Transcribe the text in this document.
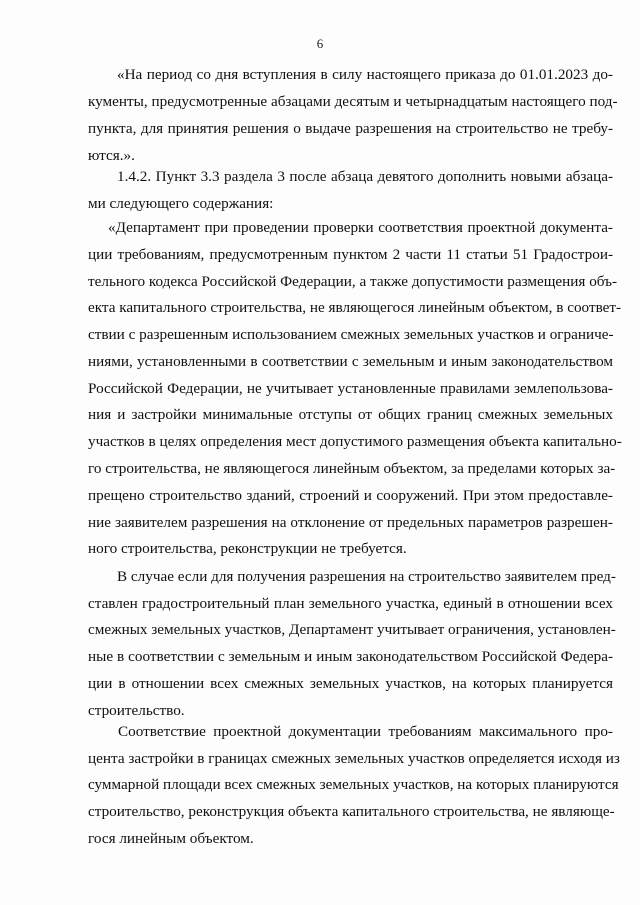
6
«На период со дня вступления в силу настоящего приказа до 01.01.2023 до-
кументы, предусмотренные абзацами десятым и четырнадцатым настоящего под-
пункта, для принятия решения о выдаче разрешения на строительство не требу-
ются.».
1.4.2. Пункт 3.3 раздела 3 после абзаца девятого дополнить новыми абзаца-
ми следующего содержания:
«Департамент при проведении проверки соответствия проектной документа-
ции требованиям, предусмотренным пунктом 2 части 11 статьи 51 Градострои-
тельного кодекса Российской Федерации, а также допустимости размещения объ-
екта капитального строительства, не являющегося линейным объектом, в соответ-
ствии с разрешенным использованием смежных земельных участков и ограниче-
ниями, установленными в соответствии с земельным и иным законодательством
Российской Федерации, не учитывает установленные правилами землепользова-
ния и застройки минимальные отступы от общих границ смежных земельных
участков в целях определения мест допустимого размещения объекта капитально-
го строительства, не являющегося линейным объектом, за пределами которых за-
прещено строительство зданий, строений и сооружений. При этом предоставле-
ние заявителем разрешения на отклонение от предельных параметров разрешен-
ного строительства, реконструкции не требуется.
В случае если для получения разрешения на строительство заявителем пред-
ставлен градостроительный план земельного участка, единый в отношении всех
смежных земельных участков, Департамент учитывает ограничения, установлен-
ные в соответствии с земельным и иным законодательством Российской Федера-
ции в отношении всех смежных земельных участков, на которых планируется
строительство.
Соответствие проектной документации требованиям максимального про-
цента застройки в границах смежных земельных участков определяется исходя из
суммарной площади всех смежных земельных участков, на которых планируются
строительство, реконструкция объекта капитального строительства, не являюще-
гося линейным объектом.
